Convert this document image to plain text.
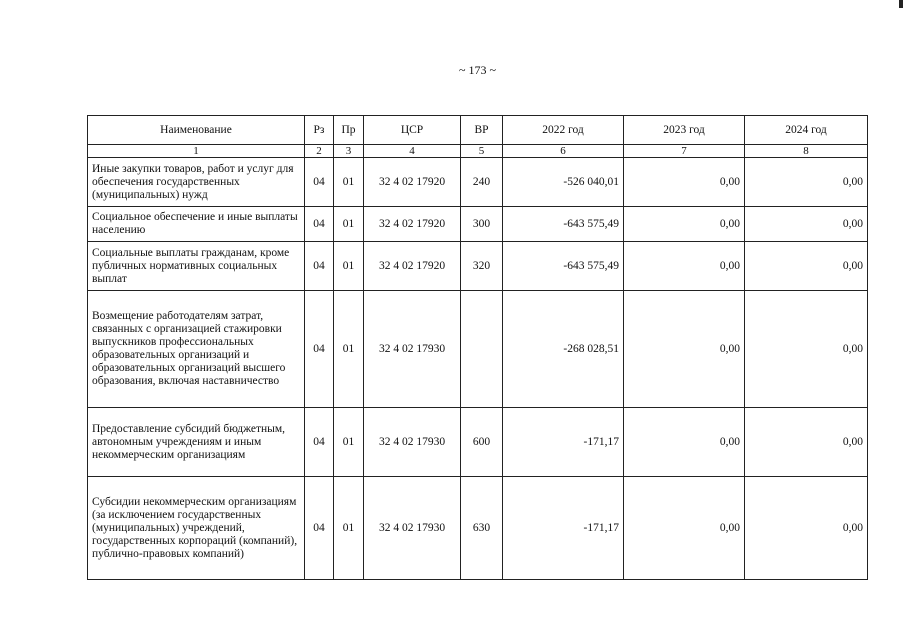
~ 173 ~
Наименование	Рз	Пр	ЦСР	ВР	2022 год	2023 год	2024 год
1	2	3	4	5	6	7	8
Иные закупки товаров, работ и услуг для обеспечения государственных (муниципальных) нужд	04	01	32 4 02 17920	240	-526 040,01	0,00	0,00
Социальное обеспечение и иные выплаты населению	04	01	32 4 02 17920	300	-643 575,49	0,00	0,00
Социальные выплаты гражданам, кроме публичных нормативных социальных выплат	04	01	32 4 02 17920	320	-643 575,49	0,00	0,00
Возмещение работодателям затрат, связанных с организацией стажировки выпускников профессиональных образовательных организаций и образовательных организаций высшего образования, включая наставничество	04	01	32 4 02 17930		-268 028,51	0,00	0,00
Предоставление субсидий бюджетным, автономным учреждениям и иным некоммерческим организациям	04	01	32 4 02 17930	600	-171,17	0,00	0,00
Субсидии некоммерческим организациям (за исключением государственных (муниципальных) учреждений, государственных корпораций (компаний), публично-правовых компаний)	04	01	32 4 02 17930	630	-171,17	0,00	0,00
